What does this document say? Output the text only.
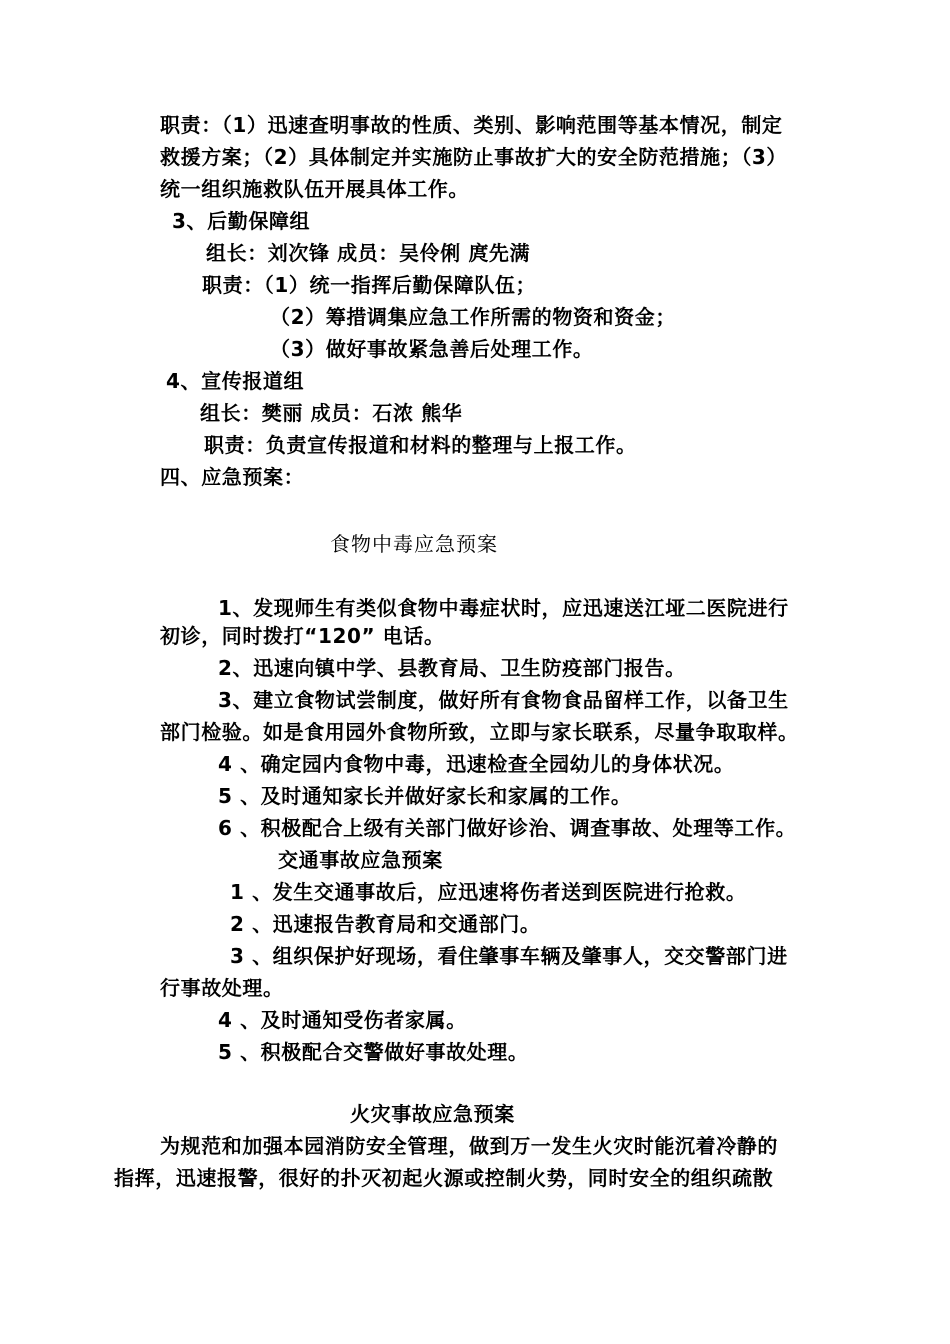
职责：（1）迅速查明事故的性质、类别、影响范围等基本情况，制定
救援方案；（2）具体制定并实施防止事故扩大的安全防范措施；（3）
统一组织施救队伍开展具体工作。
3、后勤保障组
组长：刘次锋 成员：吴伶俐 庹先满
职责：（1）统一指挥后勤保障队伍；
（2）筹措调集应急工作所需的物资和资金；
（3）做好事故紧急善后处理工作。
4、宣传报道组
组长：樊丽 成员：石浓 熊华
职责：负责宣传报道和材料的整理与上报工作。
四、应急预案：
食物中毒应急预案
1、发现师生有类似食物中毒症状时，应迅速送江垭二医院进行
初诊，同时拨打“120” 电话。
2、迅速向镇中学、县教育局、卫生防疫部门报告。
3、建立食物试尝制度，做好所有食物食品留样工作，以备卫生
部门检验。如是食用园外食物所致，立即与家长联系，尽量争取取样。
4 、确定园内食物中毒，迅速检查全园幼儿的身体状况。
5 、及时通知家长并做好家长和家属的工作。
6 、积极配合上级有关部门做好诊治、调查事故、处理等工作。
交通事故应急预案
1 、发生交通事故后，应迅速将伤者送到医院进行抢救。
2 、迅速报告教育局和交通部门。
3 、组织保护好现场，看住肇事车辆及肇事人，交交警部门进
行事故处理。
4 、及时通知受伤者家属。
5 、积极配合交警做好事故处理。
火灾事故应急预案
为规范和加强本园消防安全管理，做到万一发生火灾时能沉着冷静的
指挥，迅速报警，很好的扑灭初起火源或控制火势，同时安全的组织疏散
